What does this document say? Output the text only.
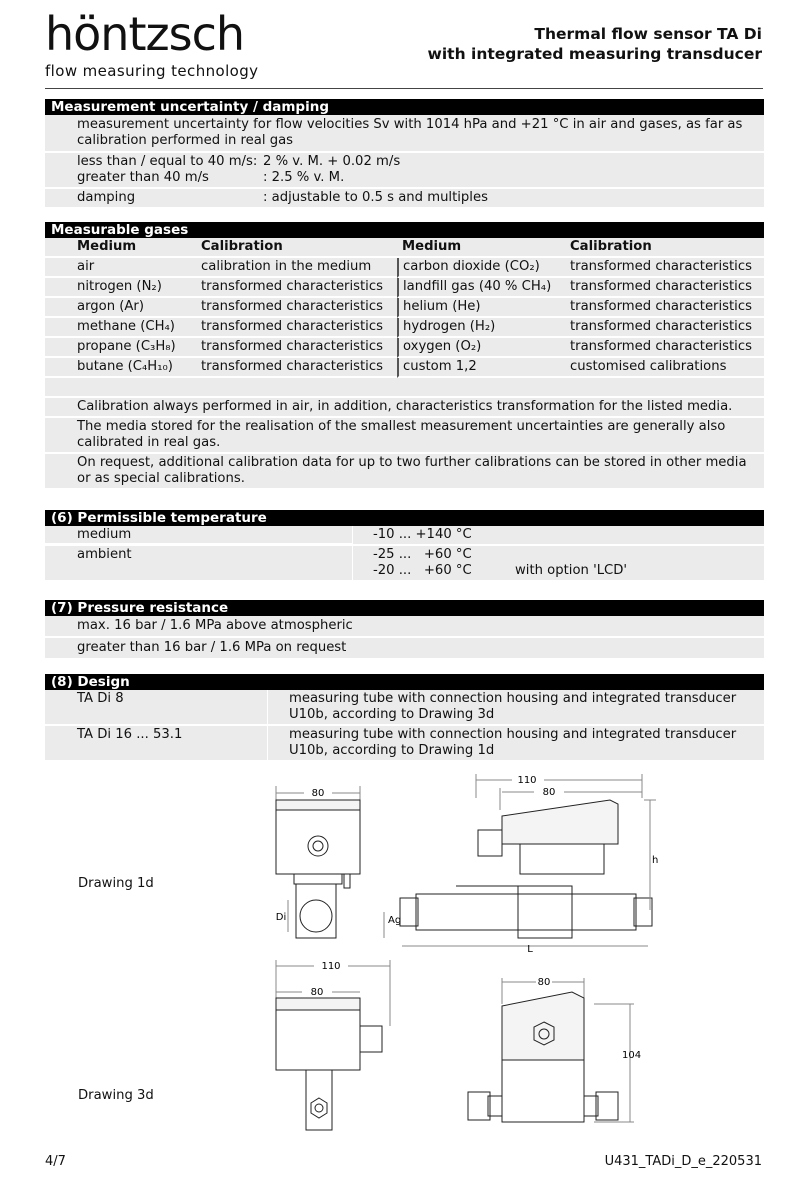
höntzsch
flow measuring technology
Thermal flow sensor TA Di
with integrated measuring transducer
Measurement uncertainty / damping
measurement uncertainty for flow velocities Sv with 1014 hPa and +21 °C in air and gases, as far as calibration performed in real gas
less than / equal to 40 m/s: 2 % v. M. + 0.02 m/s
greater than 40 m/s	: 2.5 % v. M.
damping	: adjustable to 0.5 s and multiples
Measurable gases
Medium	Calibration	Medium	Calibration
air	calibration in the medium	carbon dioxide (CO₂)	transformed characteristics
nitrogen (N₂)	transformed characteristics	landfill gas (40 % CH₄)	transformed characteristics
argon (Ar)	transformed characteristics	helium (He)	transformed characteristics
methane (CH₄)	transformed characteristics	hydrogen (H₂)	transformed characteristics
propane (C₃H₈)	transformed characteristics	oxygen (O₂)	transformed characteristics
butane (C₄H₁₀)	transformed characteristics	custom 1,2	customised calibrations
Calibration always performed in air, in addition, characteristics transformation for the listed media.
The media stored for the realisation of the smallest measurement uncertainties are generally also calibrated in real gas.
On request, additional calibration data for up to two further calibrations can be stored in other media or as special calibrations.
(6) Permissible temperature
medium	-10 ... +140 °C
ambient	-25 ...   +60 °C
-20 ...   +60 °C	with option 'LCD'
(7) Pressure resistance
max. 16 bar / 1.6 MPa above atmospheric
greater than 16 bar / 1.6 MPa on request
(8) Design
TA Di 8	measuring tube with connection housing and integrated transducer U10b, according to Drawing 3d
TA Di 16 ... 53.1	measuring tube with connection housing and integrated transducer U10b, according to Drawing 1d
Drawing 1d
Drawing 3d
80
Di
110
80
h
Ag
L
110
80
80
104
4/7	U431_TADi_D_e_220531
